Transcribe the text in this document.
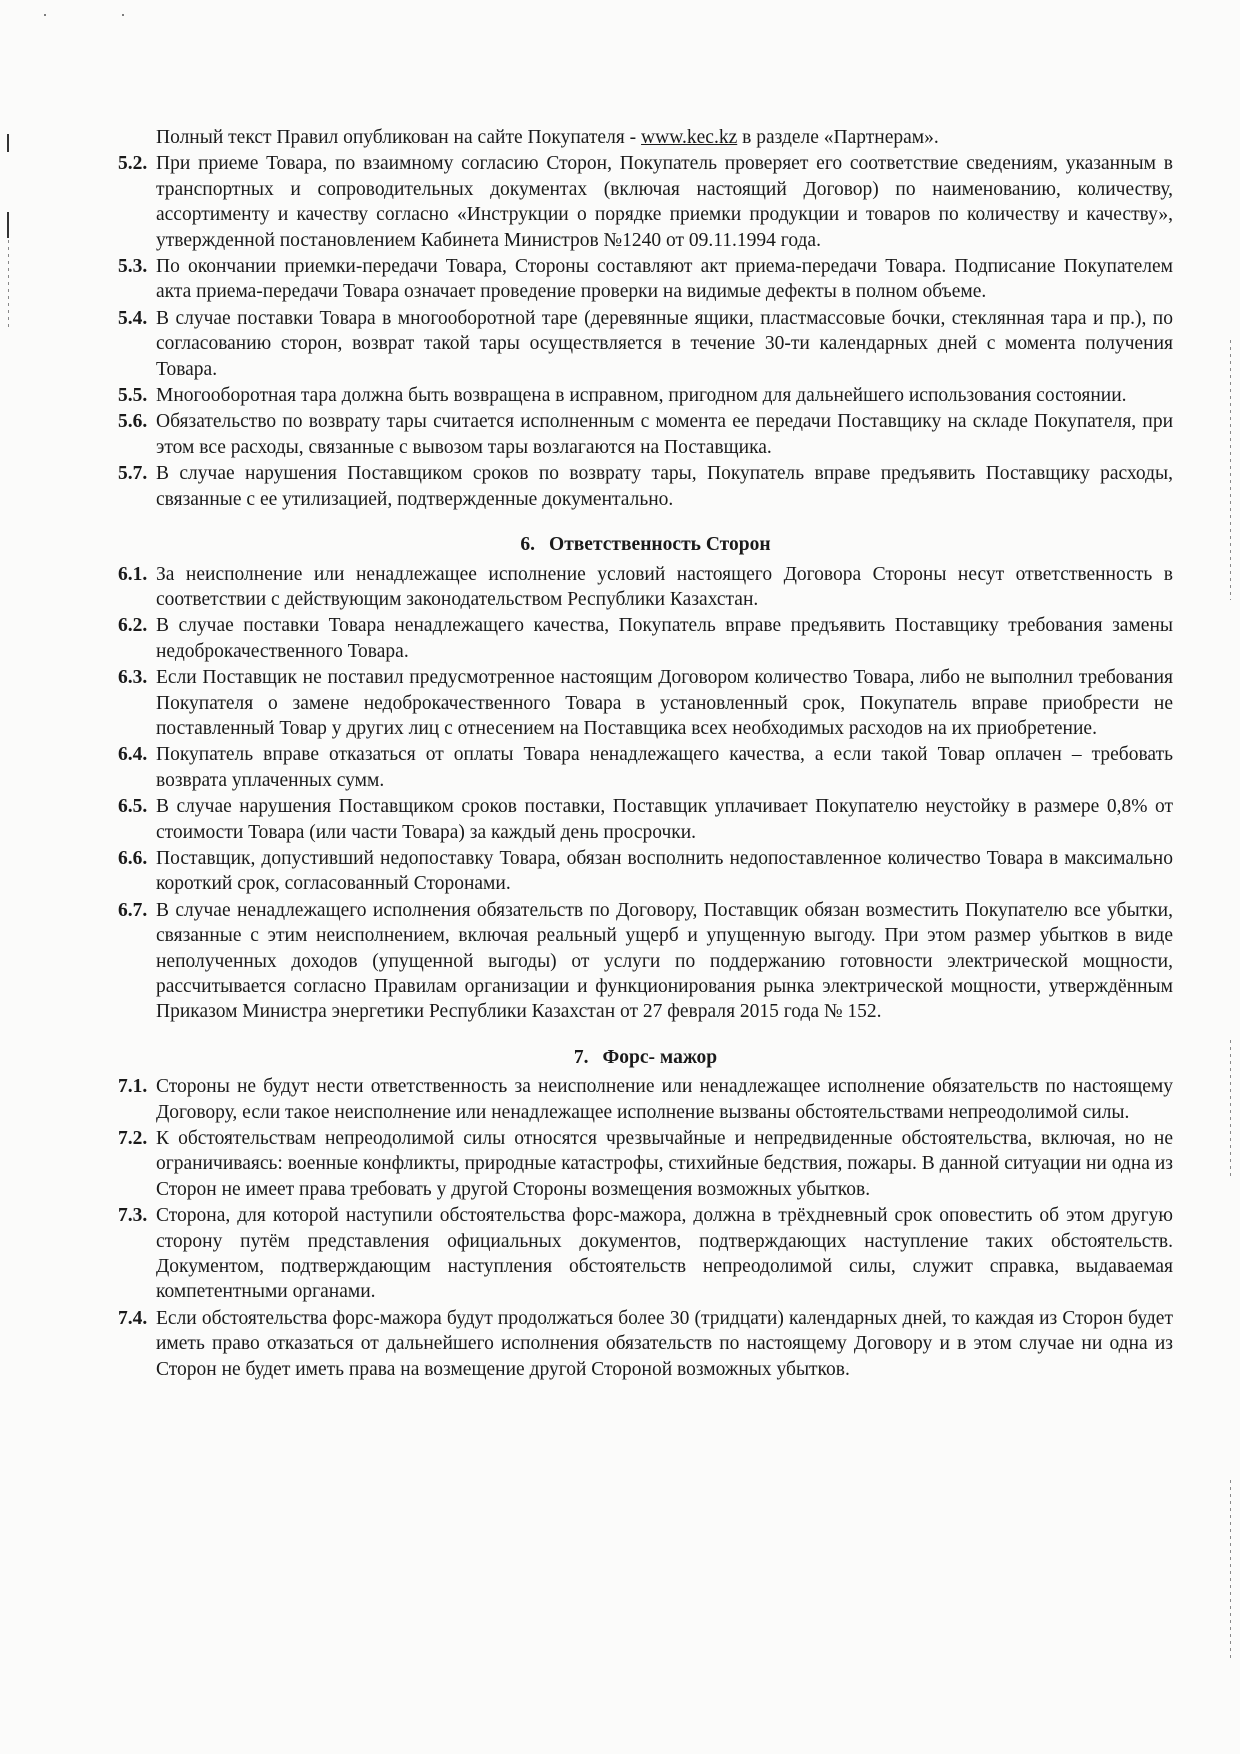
Полный текст Правил опубликован на сайте Покупателя - www.kec.kz в разделе «Партнерам».
5.2. При приеме Товара, по взаимному согласию Сторон, Покупатель проверяет его соответствие сведениям, указанным в транспортных и сопроводительных документах (включая настоящий Договор) по наименованию, количеству, ассортименту и качеству согласно «Инструкции о порядке приемки продукции и товаров по количеству и качеству», утвержденной постановлением Кабинета Министров №1240 от 09.11.1994 года.
5.3. По окончании приемки-передачи Товара, Стороны составляют акт приема-передачи Товара. Подписание Покупателем акта приема-передачи Товара означает проведение проверки на видимые дефекты в полном объеме.
5.4. В случае поставки Товара в многооборотной таре (деревянные ящики, пластмассовые бочки, стеклянная тара и пр.), по согласованию сторон, возврат такой тары осуществляется в течение 30-ти календарных дней с момента получения Товара.
5.5. Многооборотная тара должна быть возвращена в исправном, пригодном для дальнейшего использования состоянии.
5.6. Обязательство по возврату тары считается исполненным с момента ее передачи Поставщику на складе Покупателя, при этом все расходы, связанные с вывозом тары возлагаются на Поставщика.
5.7. В случае нарушения Поставщиком сроков по возврату тары, Покупатель вправе предъявить Поставщику расходы, связанные с ее утилизацией, подтвержденные документально.
6. Ответственность Сторон
6.1. За неисполнение или ненадлежащее исполнение условий настоящего Договора Стороны несут ответственность в соответствии с действующим законодательством Республики Казахстан.
6.2. В случае поставки Товара ненадлежащего качества, Покупатель вправе предъявить Поставщику требования замены недоброкачественного Товара.
6.3. Если Поставщик не поставил предусмотренное настоящим Договором количество Товара, либо не выполнил требования Покупателя о замене недоброкачественного Товара в установленный срок, Покупатель вправе приобрести не поставленный Товар у других лиц с отнесением на Поставщика всех необходимых расходов на их приобретение.
6.4. Покупатель вправе отказаться от оплаты Товара ненадлежащего качества, а если такой Товар оплачен – требовать возврата уплаченных сумм.
6.5. В случае нарушения Поставщиком сроков поставки, Поставщик уплачивает Покупателю неустойку в размере 0,8% от стоимости Товара (или части Товара) за каждый день просрочки.
6.6. Поставщик, допустивший недопоставку Товара, обязан восполнить недопоставленное количество Товара в максимально короткий срок, согласованный Сторонами.
6.7. В случае ненадлежащего исполнения обязательств по Договору, Поставщик обязан возместить Покупателю все убытки, связанные с этим неисполнением, включая реальный ущерб и упущенную выгоду. При этом размер убытков в виде неполученных доходов (упущенной выгоды) от услуги по поддержанию готовности электрической мощности, рассчитывается согласно Правилам организации и функционирования рынка электрической мощности, утверждённым Приказом Министра энергетики Республики Казахстан от 27 февраля 2015 года № 152.
7. Форс- мажор
7.1. Стороны не будут нести ответственность за неисполнение или ненадлежащее исполнение обязательств по настоящему Договору, если такое неисполнение или ненадлежащее исполнение вызваны обстоятельствами непреодолимой силы.
7.2. К обстоятельствам непреодолимой силы относятся чрезвычайные и непредвиденные обстоятельства, включая, но не ограничиваясь: военные конфликты, природные катастрофы, стихийные бедствия, пожары. В данной ситуации ни одна из Сторон не имеет права требовать у другой Стороны возмещения возможных убытков.
7.3. Сторона, для которой наступили обстоятельства форс-мажора, должна в трёхдневный срок оповестить об этом другую сторону путём представления официальных документов, подтверждающих наступление таких обстоятельств. Документом, подтверждающим наступления обстоятельств непреодолимой силы, служит справка, выдаваемая компетентными органами.
7.4. Если обстоятельства форс-мажора будут продолжаться более 30 (тридцати) календарных дней, то каждая из Сторон будет иметь право отказаться от дальнейшего исполнения обязательств по настоящему Договору и в этом случае ни одна из Сторон не будет иметь права на возмещение другой Стороной возможных убытков.
